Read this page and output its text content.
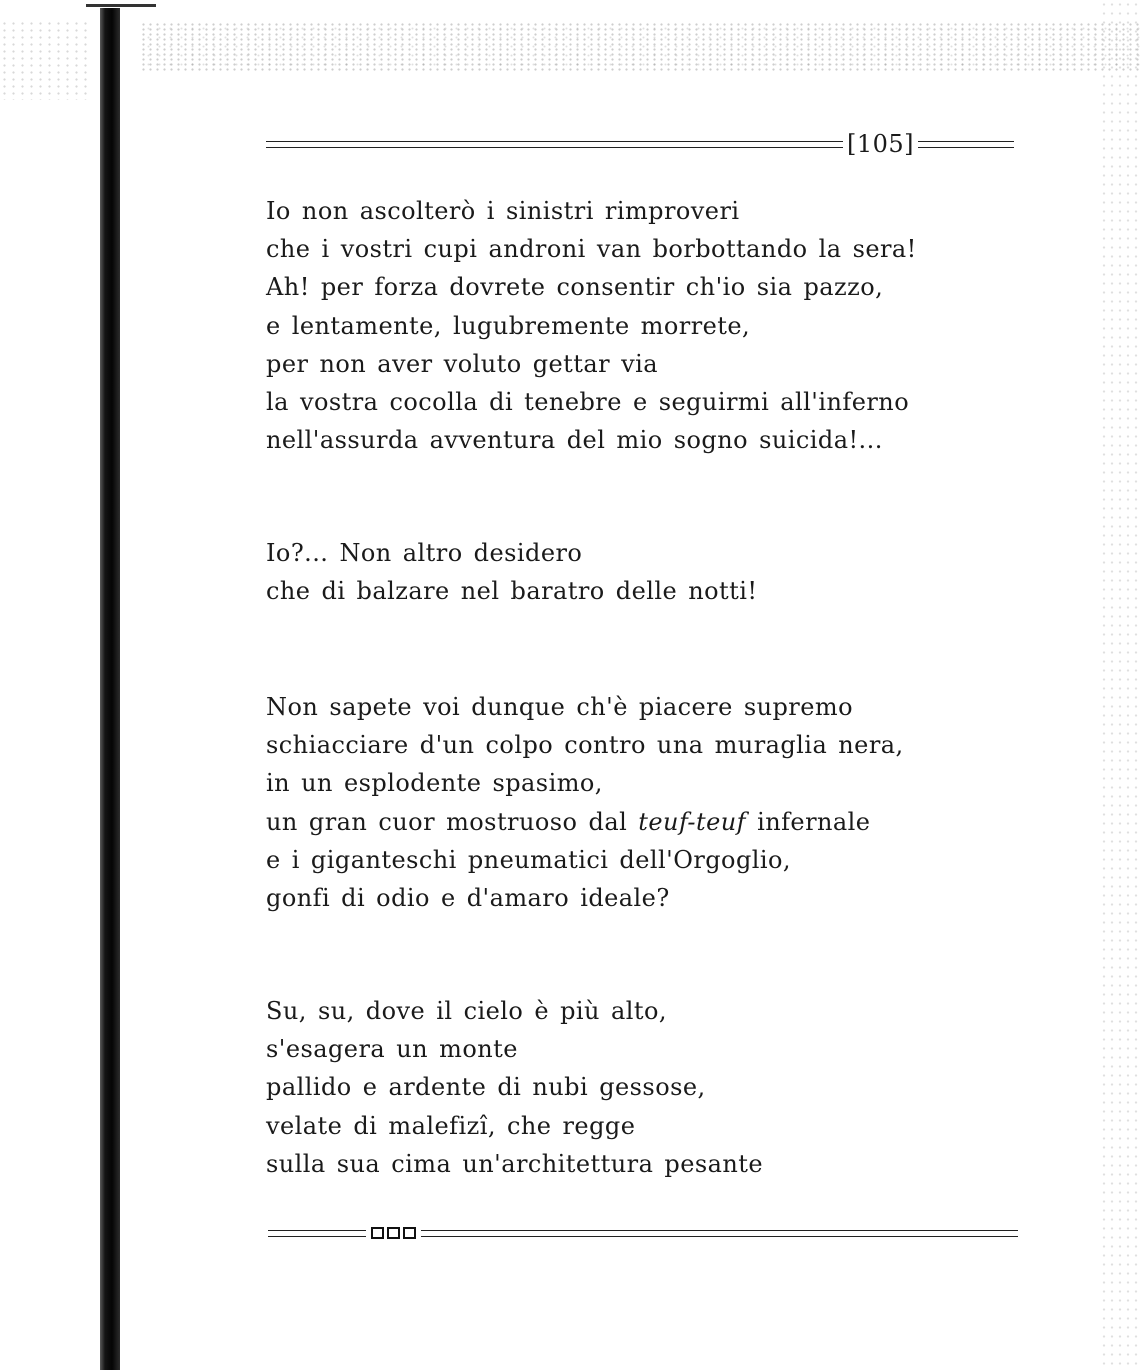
[105]
Io non ascolterò i sinistri rimproveri
che i vostri cupi androni van borbottando la sera!
Ah! per forza dovrete consentir ch'io sia pazzo,
e lentamente, lugubremente morrete,
per non aver voluto gettar via
la vostra cocolla di tenebre e seguirmi all'inferno
nell'assurda avventura del mio sogno suicida!...
Io?... Non altro desidero
che di balzare nel baratro delle notti!
Non sapete voi dunque ch'è piacere supremo
schiacciare d'un colpo contro una muraglia nera,
in un esplodente spasimo,
un gran cuor mostruoso dal teuf-teuf infernale
e i giganteschi pneumatici dell'Orgoglio,
gonfi di odio e d'amaro ideale?
Su, su, dove il cielo è più alto,
s'esagera un monte
pallido e ardente di nubi gessose,
velate di malefizî, che regge
sulla sua cima un'architettura pesante
